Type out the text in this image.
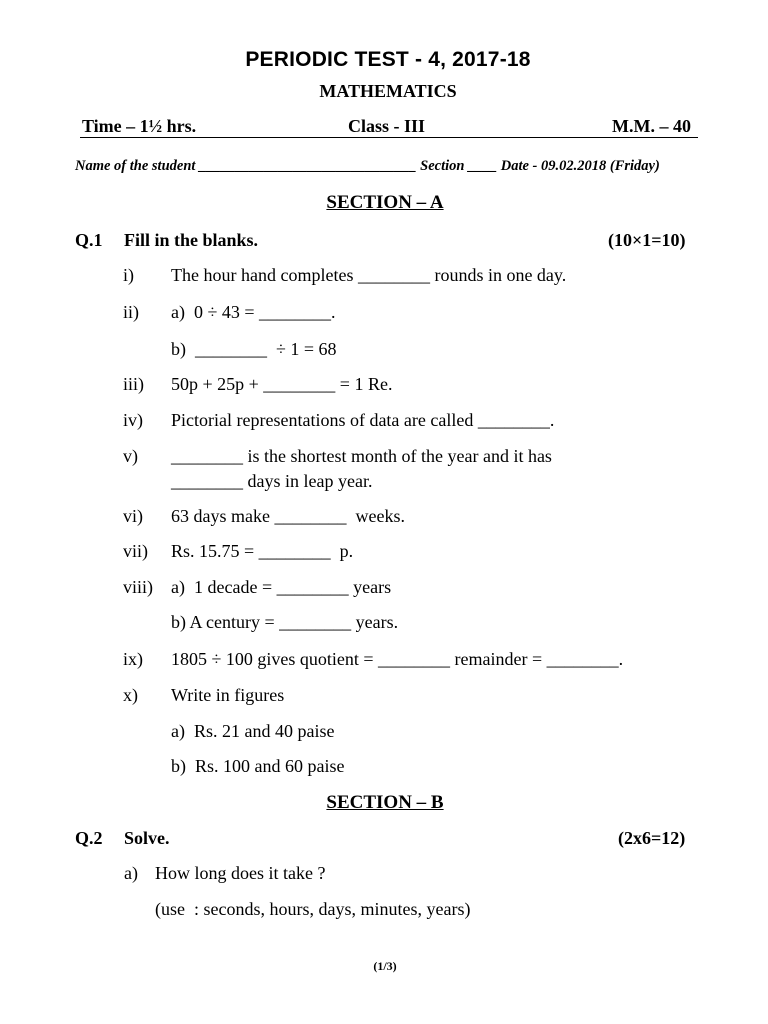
PERIODIC TEST - 4, 2017-18
MATHEMATICS
Time – 1½ hrs.	Class - III	M.M. – 40
Name of the student ______________________________ Section ____ Date - 09.02.2018 (Friday)
SECTION – A
Q.1 Fill in the blanks.	(10×1=10)
i) The hour hand completes ________ rounds in one day.
ii) a)  0 ÷ 43 = ________.
b)  ________  ÷ 1 = 68
iii) 50p + 25p + ________ = 1 Re.
iv) Pictorial representations of data are called ________.
v) ________ is the shortest month of the year and it has
________ days in leap year.
vi) 63 days make ________  weeks.
vii) Rs. 15.75 = ________  p.
viii) a)  1 decade = ________ years
b) A century = ________ years.
ix) 1805 ÷ 100 gives quotient = ________ remainder = ________.
x) Write in figures
a)  Rs. 21 and 40 paise
b)  Rs. 100 and 60 paise
SECTION – B
Q.2 Solve.	(2x6=12)
a) How long does it take ?
(use  : seconds, hours, days, minutes, years)
(1/3)
